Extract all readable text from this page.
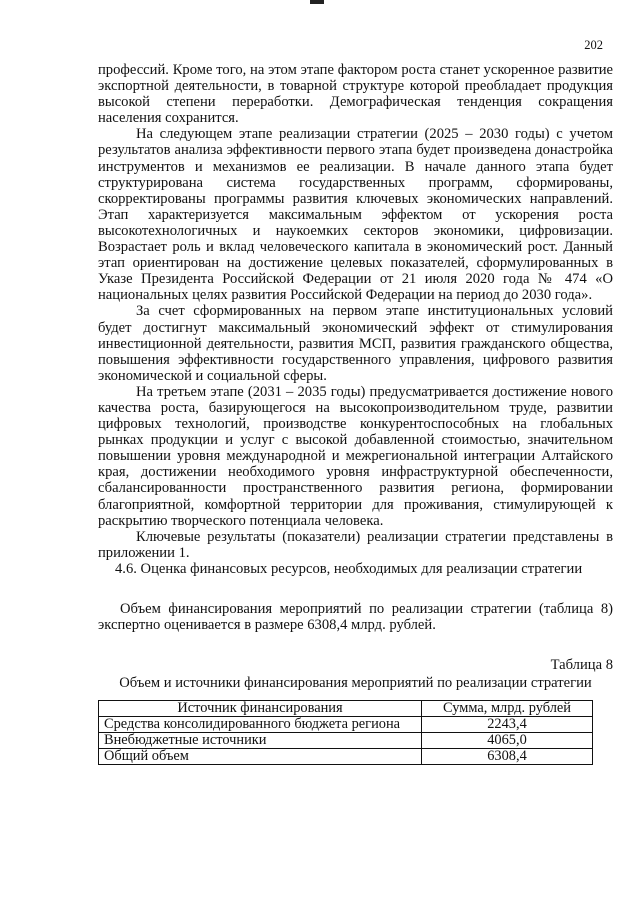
202

профессий. Кроме того, на этом этапе фактором роста станет ускоренное развитие экспортной деятельности, в товарной структуре которой преобладает продукция высокой степени переработки. Демографическая тенденция сокращения населения сохранится.

На следующем этапе реализации стратегии (2025 – 2030 годы) с учетом результатов анализа эффективности первого этапа будет произведена донастройка инструментов и механизмов ее реализации. В начале данного этапа будет структурирована система государственных программ, сформированы, скорректированы программы развития ключевых экономических направлений. Этап характеризуется максимальным эффектом от ускорения роста высокотехнологичных и наукоемких секторов экономики, цифровизации. Возрастает роль и вклад человеческого капитала в экономический рост. Данный этап ориентирован на достижение целевых показателей, сформулированных в Указе Президента Российской Федерации от 21 июля 2020 года № 474 «О национальных целях развития Российской Федерации на период до 2030 года».

За счет сформированных на первом этапе институциональных условий будет достигнут максимальный экономический эффект от стимулирования инвестиционной деятельности, развития МСП, развития гражданского общества, повышения эффективности государственного управления, цифрового развития экономической и социальной сферы.

На третьем этапе (2031 – 2035 годы) предусматривается достижение нового качества роста, базирующегося на высокопроизводительном труде, развитии цифровых технологий, производстве конкурентоспособных на глобальных рынках продукции и услуг с высокой добавленной стоимостью, значительном повышении уровня международной и межрегиональной интеграции Алтайского края, достижении необходимого уровня инфраструктурной обеспеченности, сбалансированности пространственного развития региона, формировании благоприятной, комфортной территории для проживания, стимулирующей к раскрытию творческого потенциала человека.

Ключевые результаты (показатели) реализации стратегии представлены в приложении 1.

4.6. Оценка финансовых ресурсов, необходимых для реализации стратегии

Объем финансирования мероприятий по реализации стратегии (таблица 8) экспертно оценивается в размере 6308,4 млрд. рублей.

Таблица 8
Объем и источники финансирования мероприятий по реализации стратегии
Источник финансирования	Сумма, млрд. рублей
Средства консолидированного бюджета региона	2243,4
Внебюджетные источники	4065,0
Общий объем	6308,4
